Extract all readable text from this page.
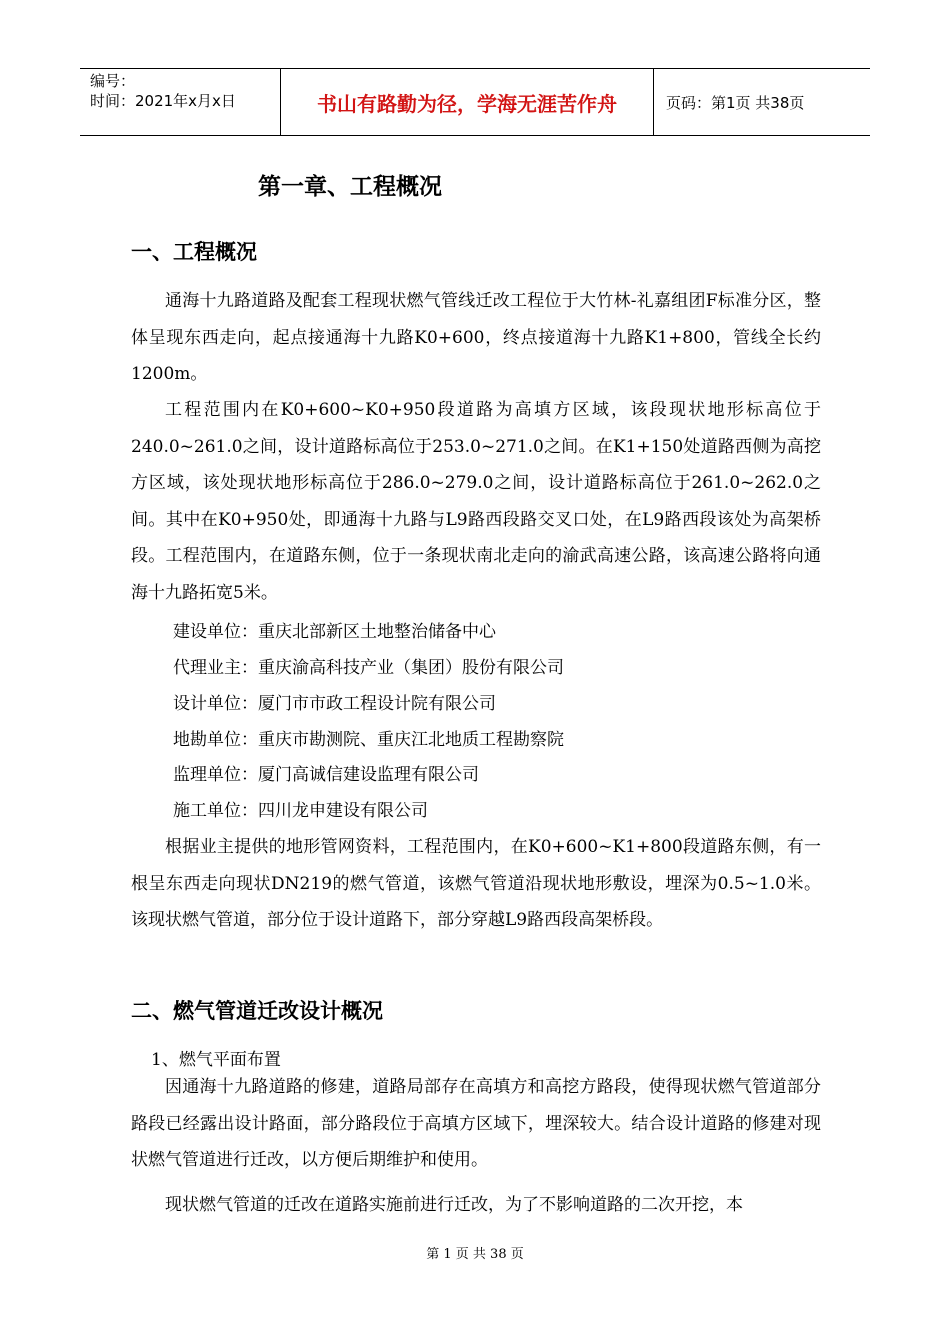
编号：
时间：2021年x月x日	书山有路勤为径，学海无涯苦作舟	页码：第1页 共38页
第一章、工程概况
一、工程概况

通海十九路道路及配套工程现状燃气管线迁改工程位于大竹林-礼嘉组团F标准分区，整体呈现东西走向，起点接通海十九路K0+600，终点接道海十九路K1+800，管线全长约1200m。

工程范围内在K0+600~K0+950段道路为高填方区域，该段现状地形标高位于240.0~261.0之间，设计道路标高位于253.0~271.0之间。在K1+150处道路西侧为高挖方区域，该处现状地形标高位于286.0~279.0之间，设计道路标高位于261.0~262.0之间。其中在K0+950处，即通海十九路与L9路西段路交叉口处，在L9路西段该处为高架桥段。工程范围内，在道路东侧，位于一条现状南北走向的渝武高速公路，该高速公路将向通海十九路拓宽5米。

建设单位：重庆北部新区土地整治储备中心
代理业主：重庆渝高科技产业（集团）股份有限公司
设计单位：厦门市市政工程设计院有限公司
地勘单位：重庆市勘测院、重庆江北地质工程勘察院
监理单位：厦门高诚信建设监理有限公司
施工单位：四川龙申建设有限公司

根据业主提供的地形管网资料，工程范围内，在K0+600~K1+800段道路东侧，有一根呈东西走向现状DN219的燃气管道，该燃气管道沿现状地形敷设，埋深为0.5~1.0米。该现状燃气管道，部分位于设计道路下，部分穿越L9路西段高架桥段。

二、燃气管道迁改设计概况
1、燃气平面布置

因通海十九路道路的修建，道路局部存在高填方和高挖方路段，使得现状燃气管道部分路段已经露出设计路面，部分路段位于高填方区域下，埋深较大。结合设计道路的修建对现状燃气管道进行迁改，以方便后期维护和使用。

现状燃气管道的迁改在道路实施前进行迁改，为了不影响道路的二次开挖，本

第 1 页 共 38 页
